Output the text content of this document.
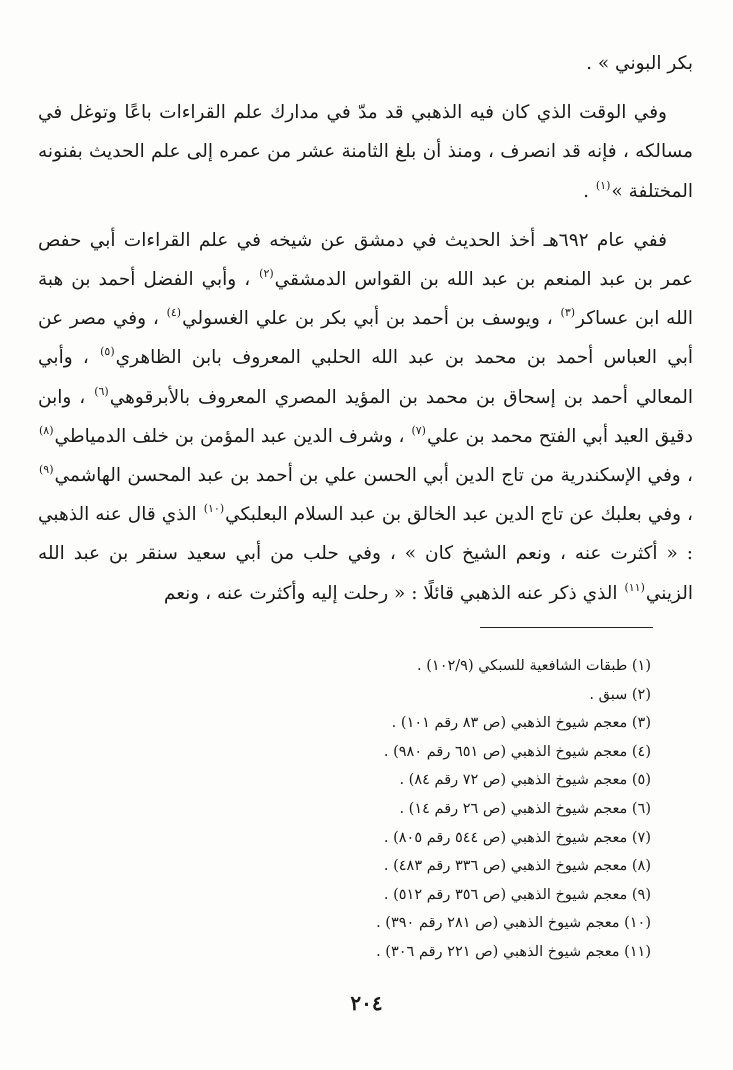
بكر البوني » .

وفي الوقت الذي كان فيه الذهبي قد مدّ في مدارك علم القراءات باعًا وتوغل في مسالكه ، فإنه قد انصرف ، ومنذ أن بلغ الثامنة عشر من عمره إلى علم الحديث بفنونه المختلفة »$^{(١)}$ .

ففي عام ٦٩٢هـ أخذ الحديث في دمشق عن شيخه في علم القراءات أبي حفص عمر بن عبد المنعم بن عبد الله بن القواس الدمشقي$^{(٢)}$ ، وأبي الفضل أحمد بن هبة الله ابن عساكر$^{(٣)}$ ، ويوسف بن أحمد بن أبي بكر بن علي الغسولي$^{(٤)}$ ، وفي مصر عن أبي العباس أحمد بن محمد بن عبد الله الحلبي المعروف بابن الظاهري$^{(٥)}$ ، وأبي المعالي أحمد بن إسحاق بن محمد بن المؤيد المصري المعروف بالأبرقوهي$^{(٦)}$ ، وابن دقيق العيد أبي الفتح محمد بن علي$^{(٧)}$ ، وشرف الدين عبد المؤمن بن خلف الدمياطي$^{(٨)}$ ، وفي الإسكندرية من تاج الدين أبي الحسن علي بن أحمد بن عبد المحسن الهاشمي$^{(٩)}$ ، وفي بعلبك عن تاج الدين عبد الخالق بن عبد السلام البعلبكي$^{(١٠)}$ الذي قال عنه الذهبي : « أكثرت عنه ، ونعم الشيخ كان » ، وفي حلب من أبي سعيد سنقر بن عبد الله الزيني$^{(١١)}$ الذي ذكر عنه الذهبي قائلًا : « رحلت إليه وأكثرت عنه ، ونعم

(١) طبقات الشافعية للسبكي (١٠٢/٩) .
(٢) سبق .
(٣) معجم شيوخ الذهبي (ص ٨٣ رقم ١٠١) .
(٤) معجم شيوخ الذهبي (ص ٦٥١ رقم ٩٨٠) .
(٥) معجم شيوخ الذهبي (ص ٧٢ رقم ٨٤) .
(٦) معجم شيوخ الذهبي (ص ٢٦ رقم ١٤) .
(٧) معجم شيوخ الذهبي (ص ٥٤٤ رقم ٨٠٥) .
(٨) معجم شيوخ الذهبي (ص ٣٣٦ رقم ٤٨٣) .
(٩) معجم شيوخ الذهبي (ص ٣٥٦ رقم ٥١٢) .
(١٠) معجم شيوخ الذهبي (ص ٢٨١ رقم ٣٩٠) .
(١١) معجم شيوخ الذهبي (ص ٢٢١ رقم ٣٠٦) .
٢٠٤
